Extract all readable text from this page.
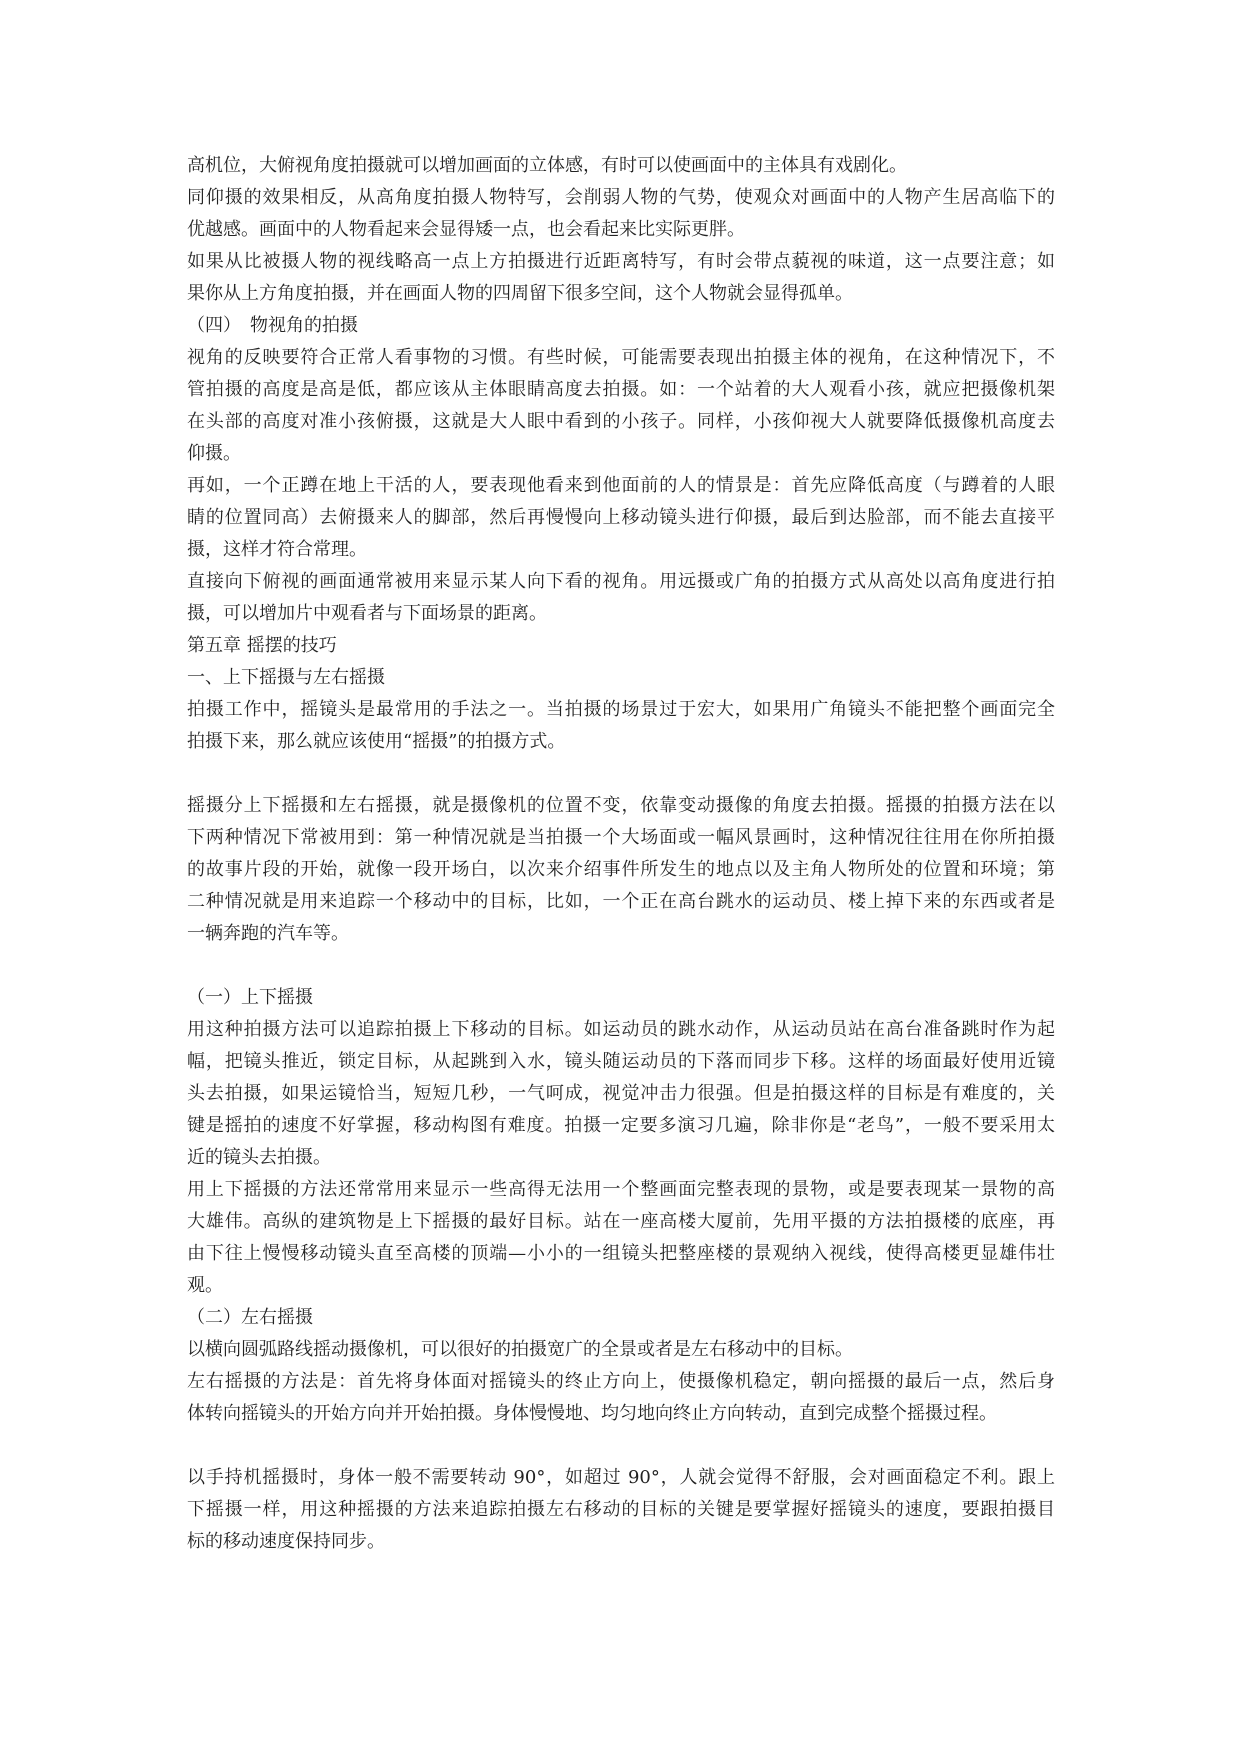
高机位，大俯视角度拍摄就可以增加画面的立体感，有时可以使画面中的主体具有戏剧化。
同仰摄的效果相反，从高角度拍摄人物特写，会削弱人物的气势，使观众对画面中的人物产生居高临下的
优越感。画面中的人物看起来会显得矮一点，也会看起来比实际更胖。
如果从比被摄人物的视线略高一点上方拍摄进行近距离特写，有时会带点藐视的味道，这一点要注意；如
果你从上方角度拍摄，并在画面人物的四周留下很多空间，这个人物就会显得孤单。
（四）　物视角的拍摄
视角的反映要符合正常人看事物的习惯。有些时候，可能需要表现出拍摄主体的视角，在这种情况下，不
管拍摄的高度是高是低，都应该从主体眼睛高度去拍摄。如：一个站着的大人观看小孩，就应把摄像机架
在头部的高度对准小孩俯摄，这就是大人眼中看到的小孩子。同样，小孩仰视大人就要降低摄像机高度去
仰摄。
再如，一个正蹲在地上干活的人，要表现他看来到他面前的人的情景是：首先应降低高度（与蹲着的人眼
睛的位置同高）去俯摄来人的脚部，然后再慢慢向上移动镜头进行仰摄，最后到达脸部，而不能去直接平
摄，这样才符合常理。
直接向下俯视的画面通常被用来显示某人向下看的视角。用远摄或广角的拍摄方式从高处以高角度进行拍
摄，可以增加片中观看者与下面场景的距离。
第五章 摇摆的技巧
一、上下摇摄与左右摇摄
拍摄工作中，摇镜头是最常用的手法之一。当拍摄的场景过于宏大，如果用广角镜头不能把整个画面完全
拍摄下来，那么就应该使用“摇摄”的拍摄方式。
摇摄分上下摇摄和左右摇摄，就是摄像机的位置不变，依靠变动摄像的角度去拍摄。摇摄的拍摄方法在以
下两种情况下常被用到：第一种情况就是当拍摄一个大场面或一幅风景画时，这种情况往往用在你所拍摄
的故事片段的开始，就像一段开场白，以次来介绍事件所发生的地点以及主角人物所处的位置和环境；第
二种情况就是用来追踪一个移动中的目标，比如，一个正在高台跳水的运动员、楼上掉下来的东西或者是
一辆奔跑的汽车等。
（一）上下摇摄
用这种拍摄方法可以追踪拍摄上下移动的目标。如运动员的跳水动作，从运动员站在高台准备跳时作为起
幅，把镜头推近，锁定目标，从起跳到入水，镜头随运动员的下落而同步下移。这样的场面最好使用近镜
头去拍摄，如果运镜恰当，短短几秒，一气呵成，视觉冲击力很强。但是拍摄这样的目标是有难度的，关
键是摇拍的速度不好掌握，移动构图有难度。拍摄一定要多演习几遍，除非你是“老鸟”，一般不要采用太
近的镜头去拍摄。
用上下摇摄的方法还常常用来显示一些高得无法用一个整画面完整表现的景物，或是要表现某一景物的高
大雄伟。高纵的建筑物是上下摇摄的最好目标。站在一座高楼大厦前，先用平摄的方法拍摄楼的底座，再
由下往上慢慢移动镜头直至高楼的顶端—小小的一组镜头把整座楼的景观纳入视线，使得高楼更显雄伟壮
观。
（二）左右摇摄
以横向圆弧路线摇动摄像机，可以很好的拍摄宽广的全景或者是左右移动中的目标。
左右摇摄的方法是：首先将身体面对摇镜头的终止方向上，使摄像机稳定，朝向摇摄的最后一点，然后身
体转向摇镜头的开始方向并开始拍摄。身体慢慢地、均匀地向终止方向转动，直到完成整个摇摄过程。
以手持机摇摄时，身体一般不需要转动 90°，如超过 90°，人就会觉得不舒服，会对画面稳定不利。跟上
下摇摄一样，用这种摇摄的方法来追踪拍摄左右移动的目标的关键是要掌握好摇镜头的速度，要跟拍摄目
标的移动速度保持同步。
